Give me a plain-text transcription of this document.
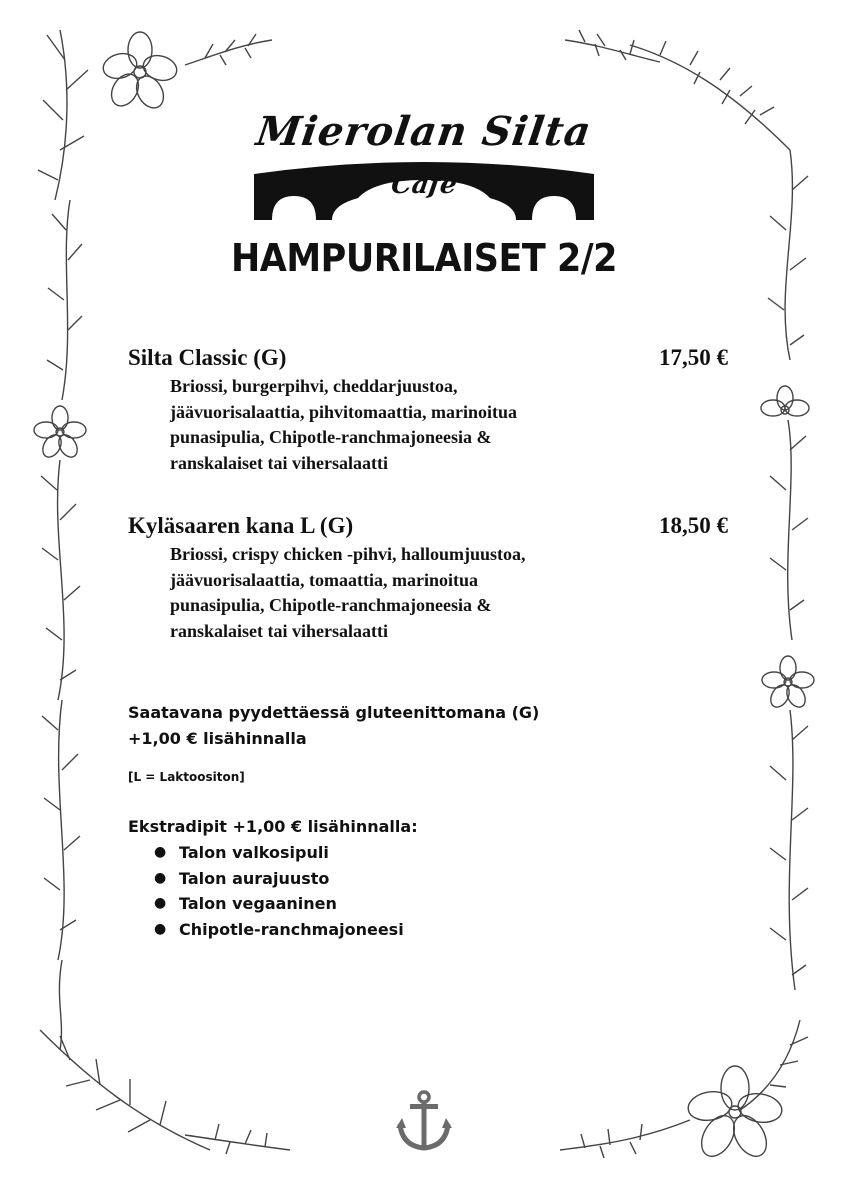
Mierolan Silta
Café
HAMPURILAISET 2/2
Silta Classic (G)	17,50 €
Briossi, burgerpihvi, cheddarjuustoa,
jäävuorisalaattia, pihvitomaattia, marinoitua
punasipulia, Chipotle-ranchmajoneesia &
ranskalaiset tai vihersalaatti
Kyläsaaren kana L (G)	18,50 €
Briossi, crispy chicken -pihvi, halloumjuustoa,
jäävuorisalaattia, tomaattia, marinoitua
punasipulia, Chipotle-ranchmajoneesia &
ranskalaiset tai vihersalaatti
Saatavana pyydettäessä gluteenittomana (G)
+1,00 € lisähinnalla
[L = Laktoositon]
Ekstradipit +1,00 € lisähinnalla:
● Talon valkosipuli
● Talon aurajuusto
● Talon vegaaninen
● Chipotle-ranchmajoneesi
